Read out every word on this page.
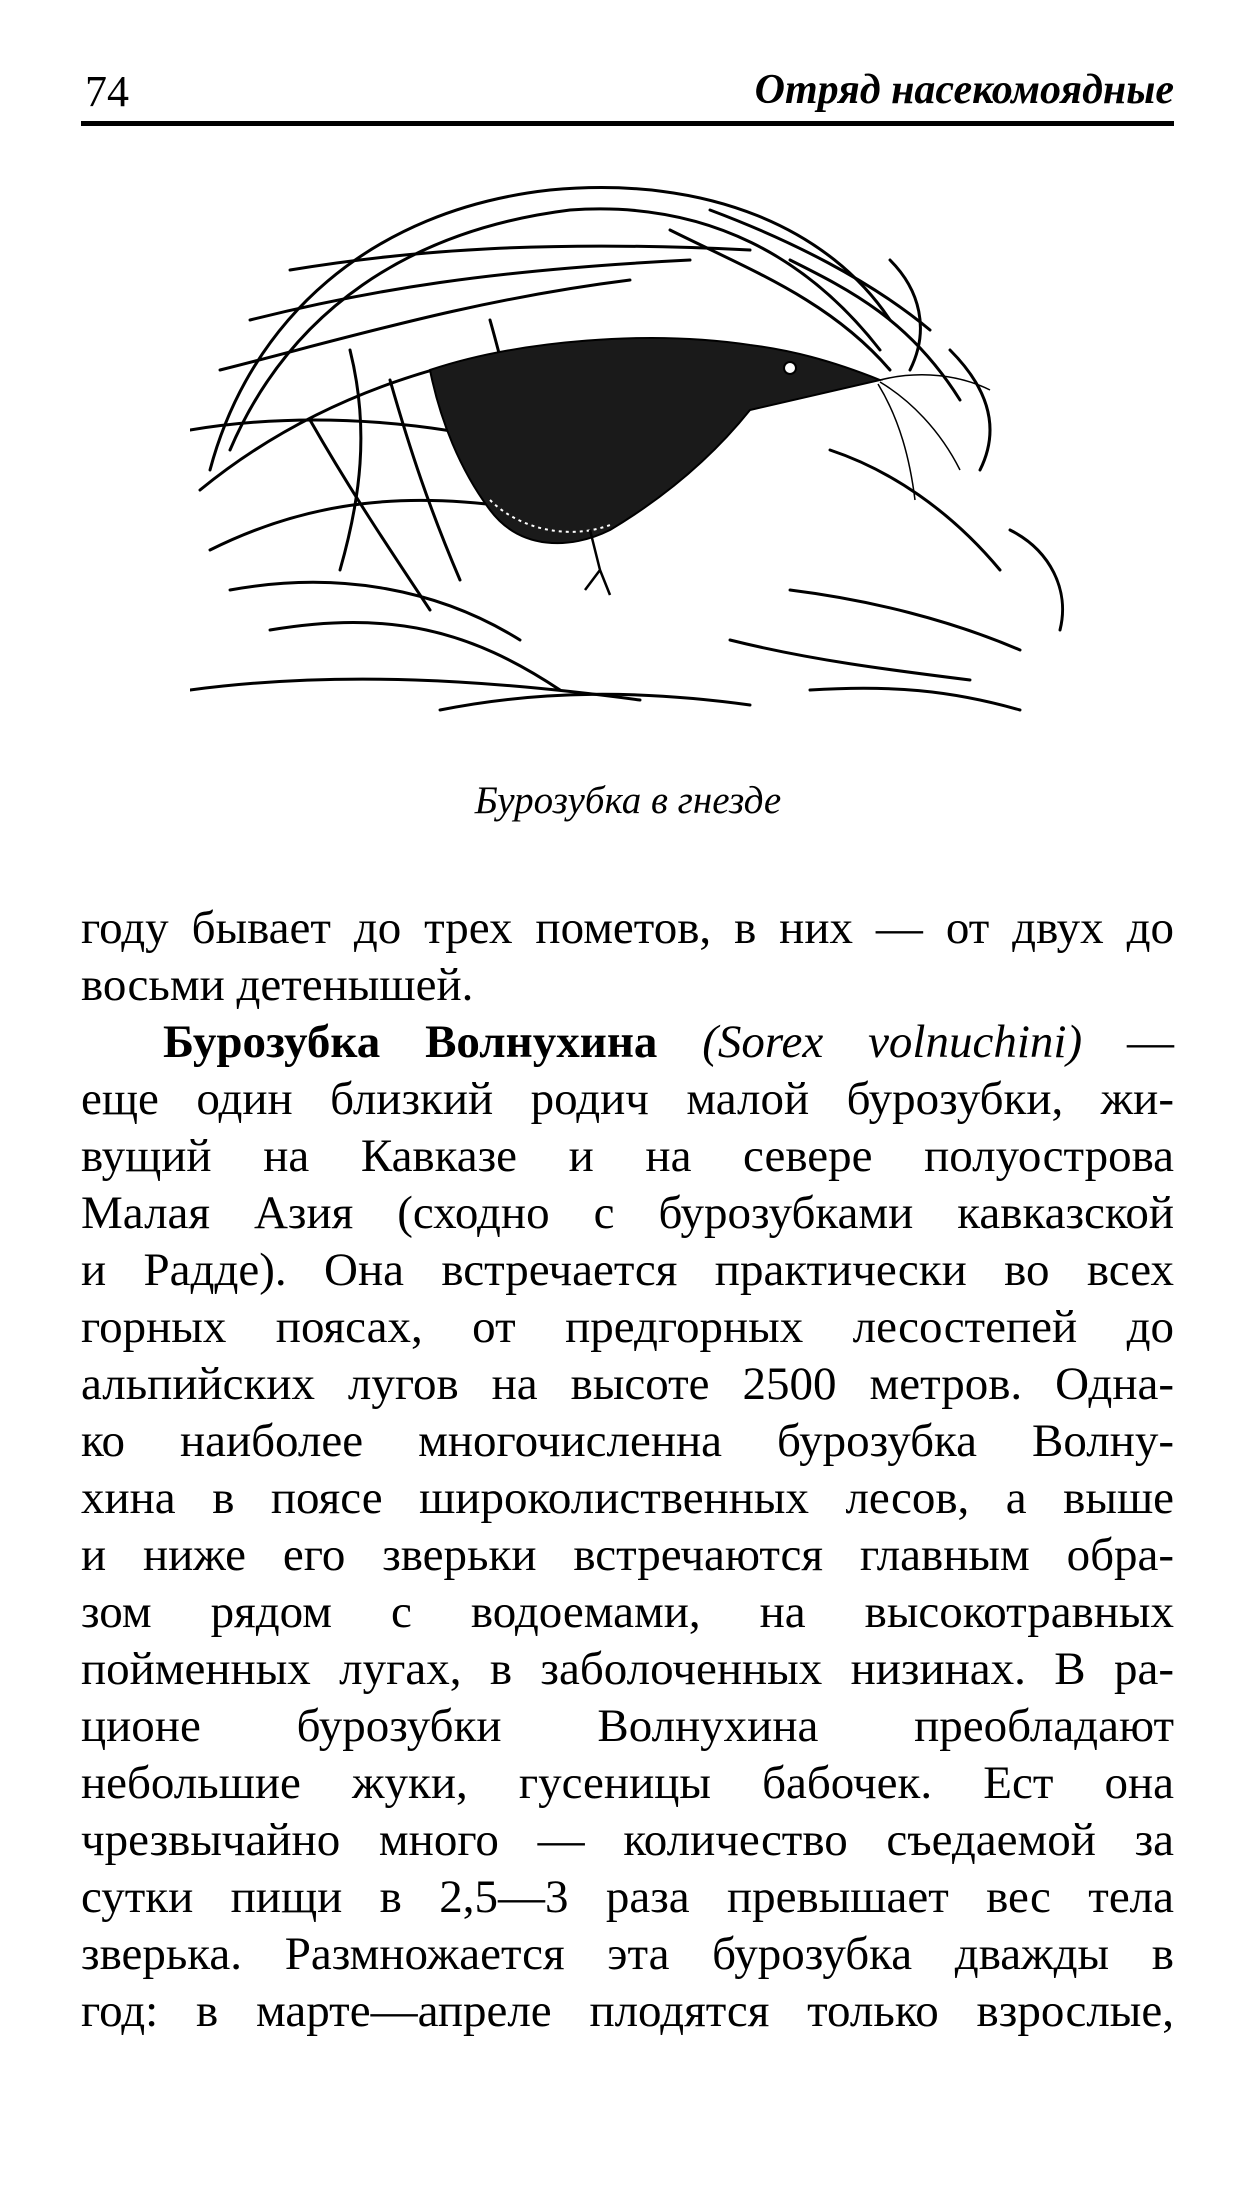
74	Отряд насекомоядные
Бурозубка в гнезде
году бывает до трех пометов, в них — от двух до
восьми детенышей.
Бурозубка Волнухина (Sorex volnuchini) —
еще один близкий родич малой бурозубки, жи-
вущий на Кавказе и на севере полуострова
Малая Азия (сходно с бурозубками кавказской
и Радде). Она встречается практически во всех
горных поясах, от предгорных лесостепей до
альпийских лугов на высоте 2500 метров. Одна-
ко наиболее многочисленна бурозубка Волну-
хина в поясе широколиственных лесов, а выше
и ниже его зверьки встречаются главным обра-
зом рядом с водоемами, на высокотравных
пойменных лугах, в заболоченных низинах. В ра-
ционе бурозубки Волнухина преобладают
небольшие жуки, гусеницы бабочек. Ест она
чрезвычайно много — количество съедаемой за
сутки пищи в 2,5—3 раза превышает вес тела
зверька. Размножается эта бурозубка дважды в
год: в марте—апреле плодятся только взрослые,
